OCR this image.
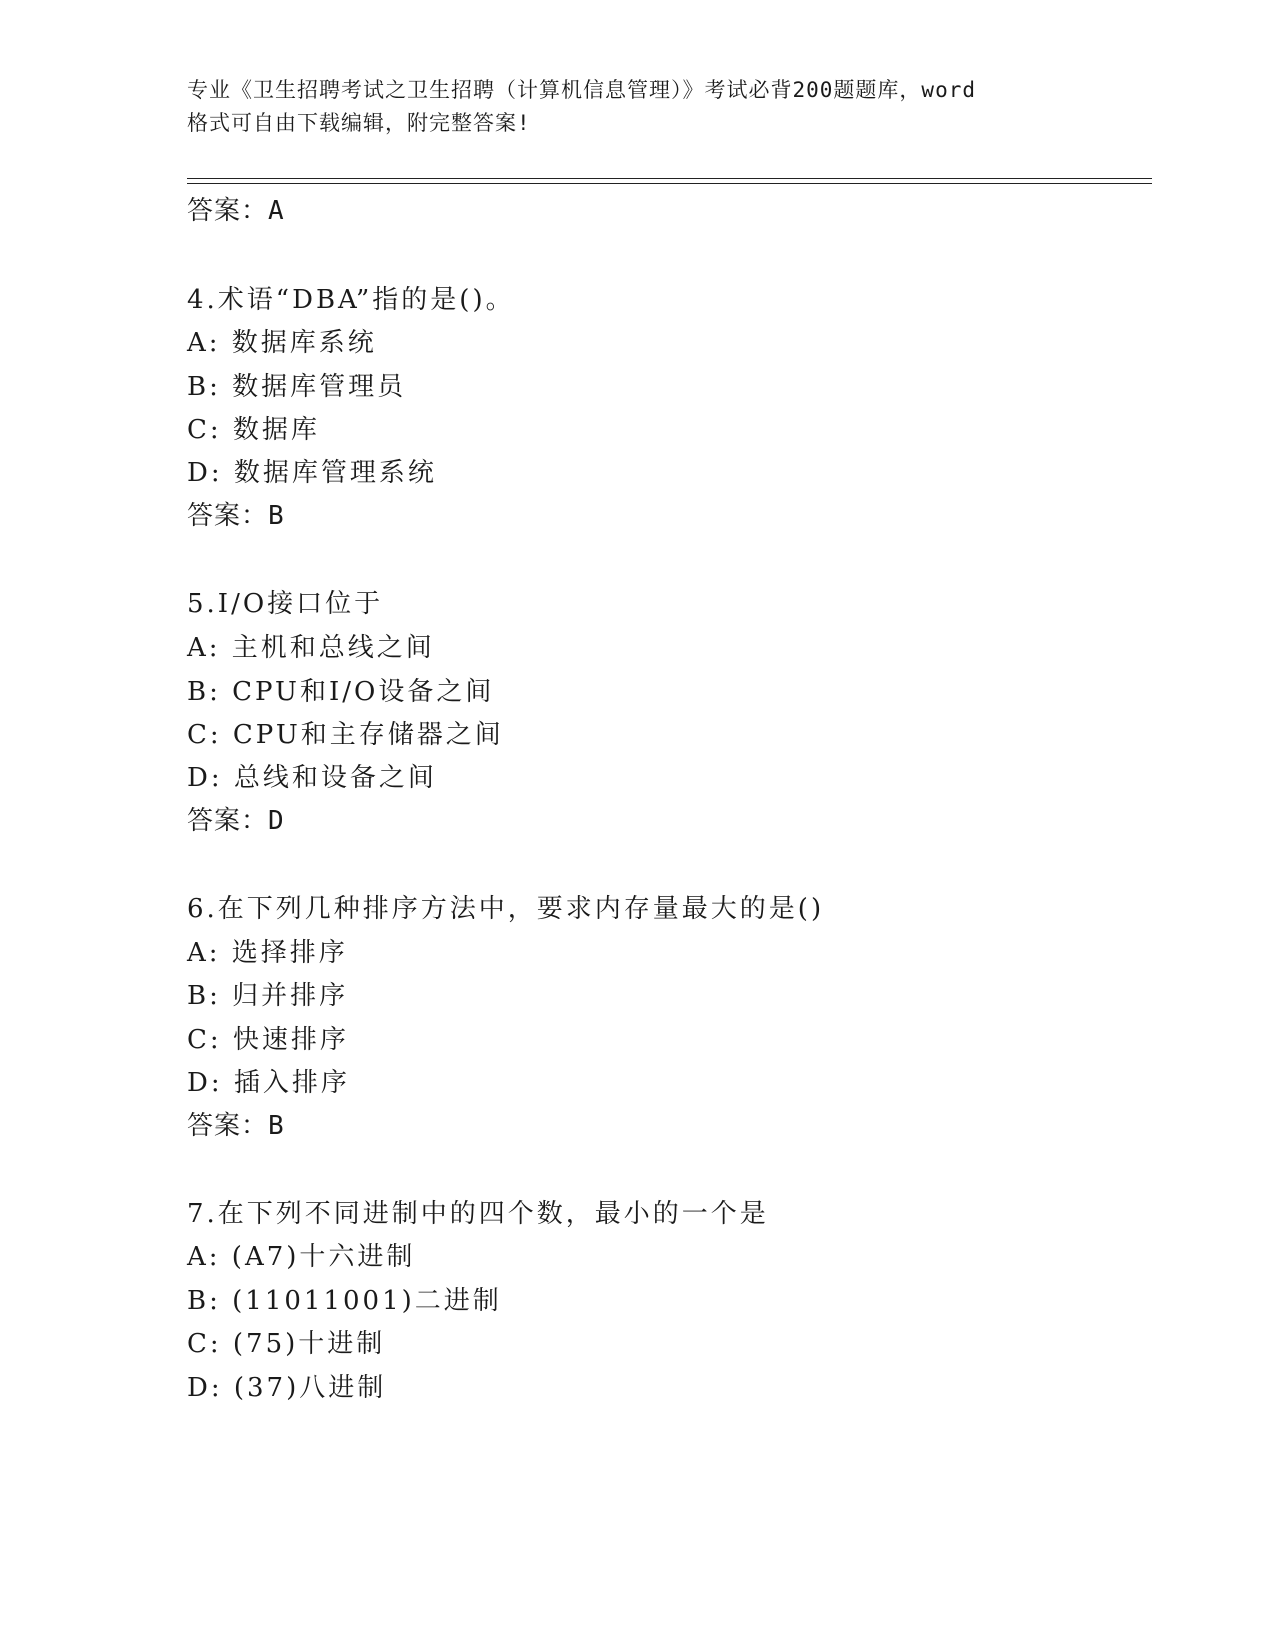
专业《卫生招聘考试之卫生招聘（计算机信息管理）》考试必背200题题库，word
格式可自由下载编辑，附完整答案!
答案：A
4.术语“DBA”指的是()。
A: 数据库系统
B: 数据库管理员
C: 数据库
D: 数据库管理系统
答案：B
5.I/O接口位于
A: 主机和总线之间
B: CPU和I/O设备之间
C: CPU和主存储器之间
D: 总线和设备之间
答案：D
6.在下列几种排序方法中，要求内存量最大的是()
A: 选择排序
B: 归并排序
C: 快速排序
D: 插入排序
答案：B
7.在下列不同进制中的四个数，最小的一个是
A: (A7)十六进制
B: (11011001)二进制
C: (75)十进制
D: (37)八进制
